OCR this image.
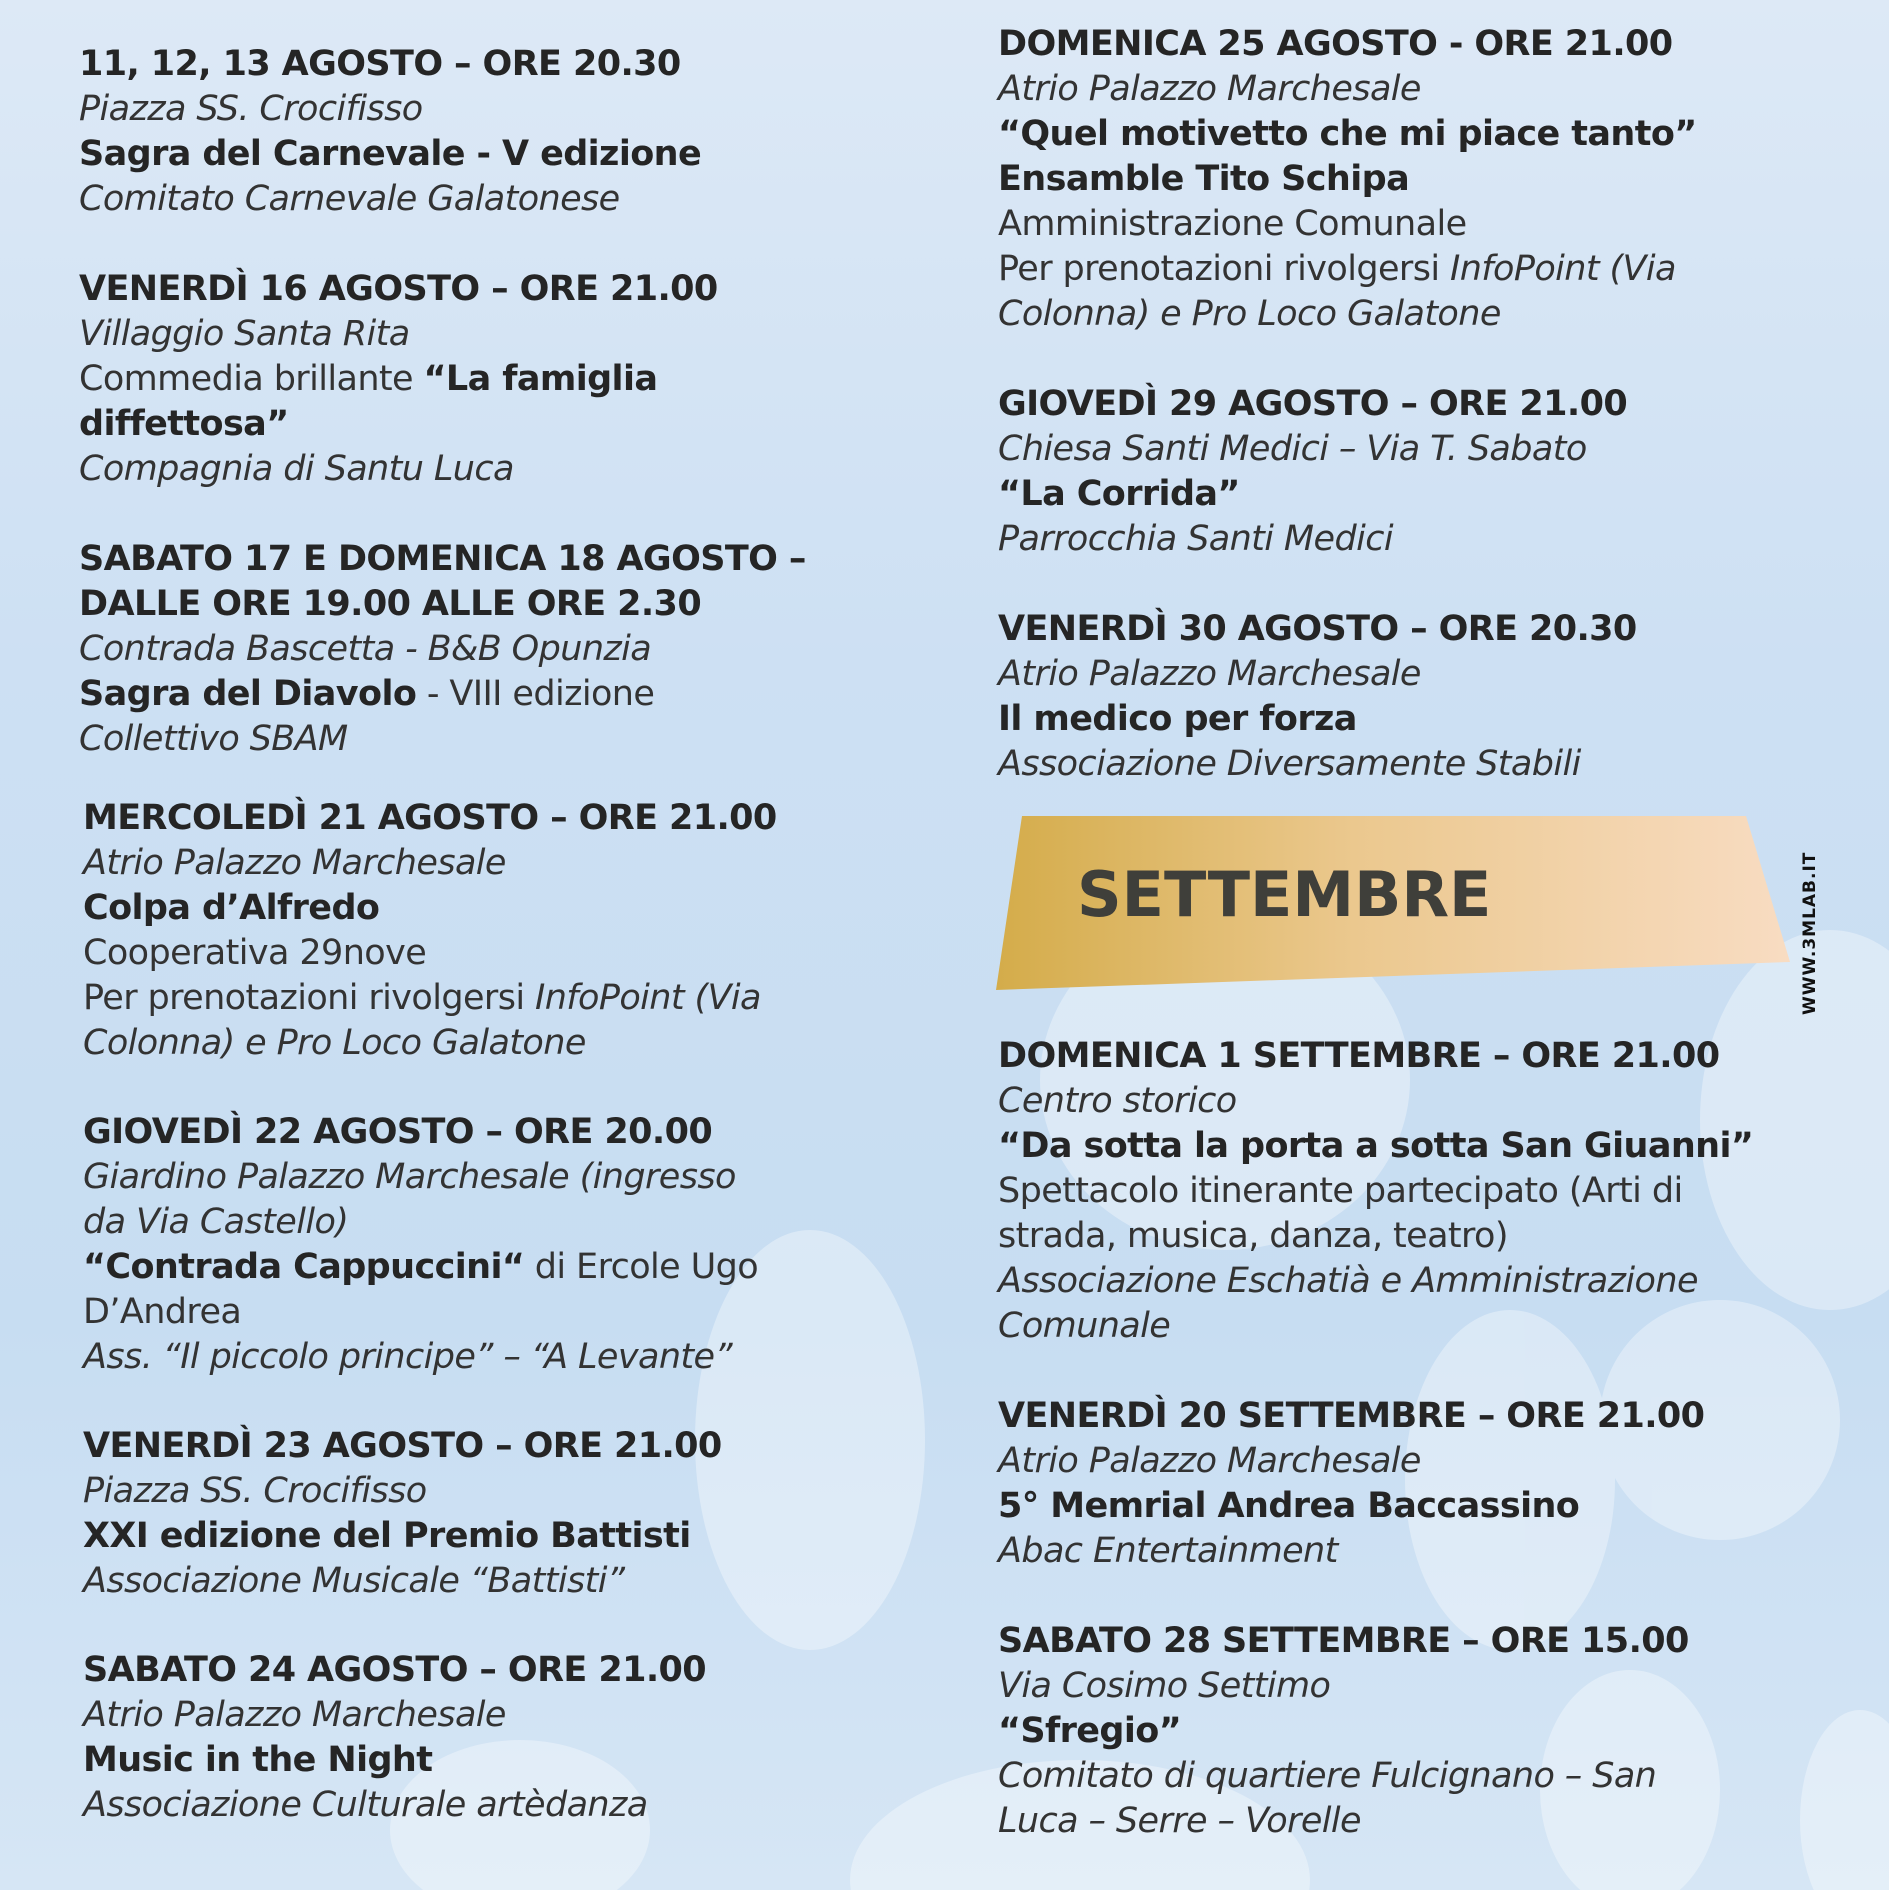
11, 12, 13 AGOSTO – ORE 20.30
Piazza SS. Crocifisso
Sagra del Carnevale - V edizione
Comitato Carnevale Galatonese
VENERDÌ 16 AGOSTO – ORE 21.00
Villaggio Santa Rita
Commedia brillante “La famiglia
diffettosa”
Compagnia di Santu Luca
SABATO 17 E DOMENICA 18 AGOSTO –
DALLE ORE 19.00 ALLE ORE 2.30
Contrada Bascetta - B&B Opunzia
Sagra del Diavolo - VIII edizione
Collettivo SBAM
MERCOLEDÌ 21 AGOSTO – ORE 21.00
Atrio Palazzo Marchesale
Colpa d’Alfredo
Cooperativa 29nove
Per prenotazioni rivolgersi InfoPoint (Via
Colonna) e Pro Loco Galatone
GIOVEDÌ 22 AGOSTO – ORE 20.00
Giardino Palazzo Marchesale (ingresso
da Via Castello)
“Contrada Cappuccini“ di Ercole Ugo
D’Andrea
Ass. “Il piccolo principe” – “A Levante”
VENERDÌ 23 AGOSTO – ORE 21.00
Piazza SS. Crocifisso
XXI edizione del Premio Battisti
Associazione Musicale “Battisti”
SABATO 24 AGOSTO – ORE 21.00
Atrio Palazzo Marchesale
Music in the Night
Associazione Culturale artèdanza
DOMENICA 25 AGOSTO - ORE 21.00
Atrio Palazzo Marchesale
“Quel motivetto che mi piace tanto”
Ensamble Tito Schipa
Amministrazione Comunale
Per prenotazioni rivolgersi InfoPoint (Via
Colonna) e Pro Loco Galatone
GIOVEDÌ 29 AGOSTO – ORE 21.00
Chiesa Santi Medici – Via T. Sabato
“La Corrida”
Parrocchia Santi Medici
VENERDÌ 30 AGOSTO – ORE 20.30
Atrio Palazzo Marchesale
Il medico per forza
Associazione Diversamente Stabili
SETTEMBRE
DOMENICA 1 SETTEMBRE – ORE 21.00
Centro storico
“Da sotta la porta a sotta San Giuanni”
Spettacolo itinerante partecipato (Arti di
strada, musica, danza, teatro)
Associazione Eschatià e Amministrazione
Comunale
VENERDÌ 20 SETTEMBRE – ORE 21.00
Atrio Palazzo Marchesale
5° Memrial Andrea Baccassino
Abac Entertainment
SABATO 28 SETTEMBRE – ORE 15.00
Via Cosimo Settimo
“Sfregio”
Comitato di quartiere Fulcignano – San
Luca – Serre – Vorelle
WWW.3MLAB.IT
